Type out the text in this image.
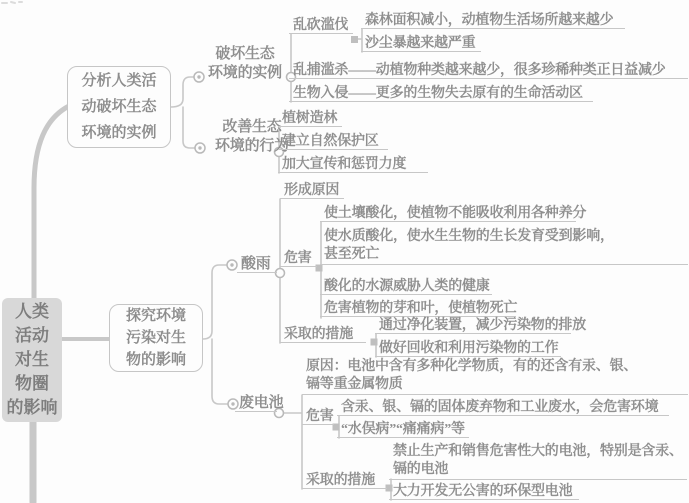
人类
活动
对生
物圈
的影响
分析人类活
动破坏生态
环境的实例
探究环境
污染对生
物的影响
破坏生态
环境的实例
乱砍滥伐	森林面积减小，动植物生活场所越来越少
沙尘暴越来越严重
乱捕滥杀——动植物种类越来越少，很多珍稀种类正日益减少
生物入侵——更多的生物失去原有的生命活动区
改善生态
环境的行为
植树造林
建立自然保护区
加大宣传和惩罚力度
酸雨
形成原因
危害
使土壤酸化，使植物不能吸收利用各种养分
使水质酸化，使水生生物的生长发育受到影响，
甚至死亡
酸化的水源威胁人类的健康
危害植物的芽和叶，使植物死亡
采取的措施
通过净化装置，减少污染物的排放
做好回收和利用污染物的工作
废电池
原因：电池中含有多种化学物质，有的还含有汞、银、
镉等重金属物质
危害
含汞、银、镉的固体废弃物和工业废水，会危害环境
“水俣病”“痛痛病”等
采取的措施
禁止生产和销售危害性大的电池，特别是含汞、
镉的电池
大力开发无公害的环保型电池
